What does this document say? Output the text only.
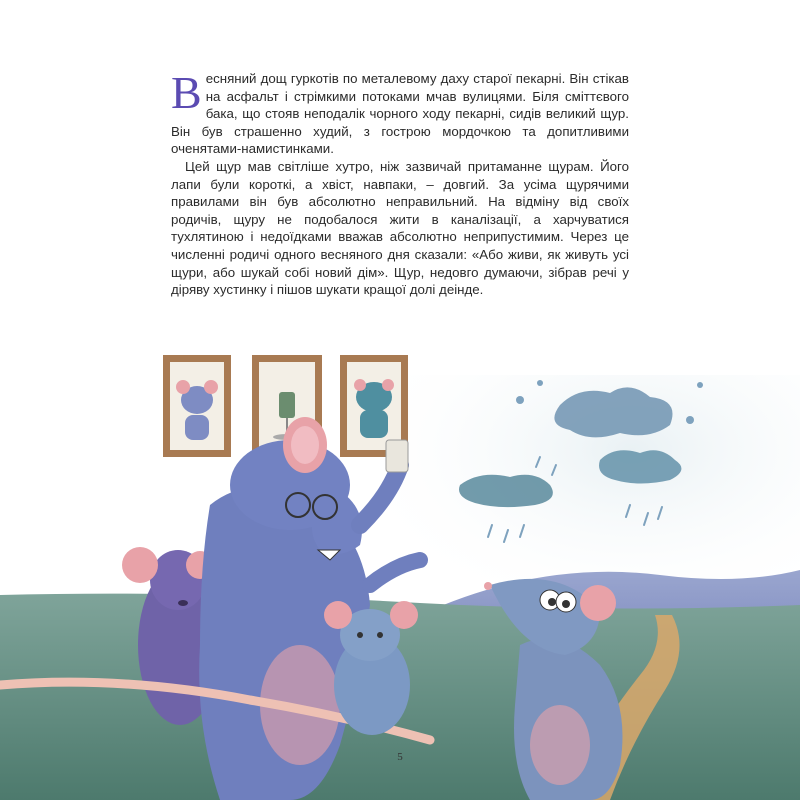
Весняний дощ гуркотів по металевому даху старої пекарні. Він стікав на асфальт і стрімкими потоками мчав вулицями. Біля сміттєвого бака, що стояв неподалік чорного ходу пекарні, сидів великий щур. Він був страшенно худий, з гострою мордочкою та допитливими оченятами-намистинками.

Цей щур мав світліше хутро, ніж зазвичай притаманне щурам. Його лапи були короткі, а хвіст, навпаки, – довгий. За усіма щурячими правилами він був абсолютно неправильний. На відміну від своїх родичів, щуру не подобалося жити в каналізації, а харчуватися тухлятиною і недоїдками вважав абсолютно неприпустимим. Через це численні родичі одного весняного дня сказали: «Або живи, як живуть усі щури, або шукай собі новий дім». Щур, недовго думаючи, зібрав речі у діряву хустинку і пішов шукати кращої долі деінде.

5
